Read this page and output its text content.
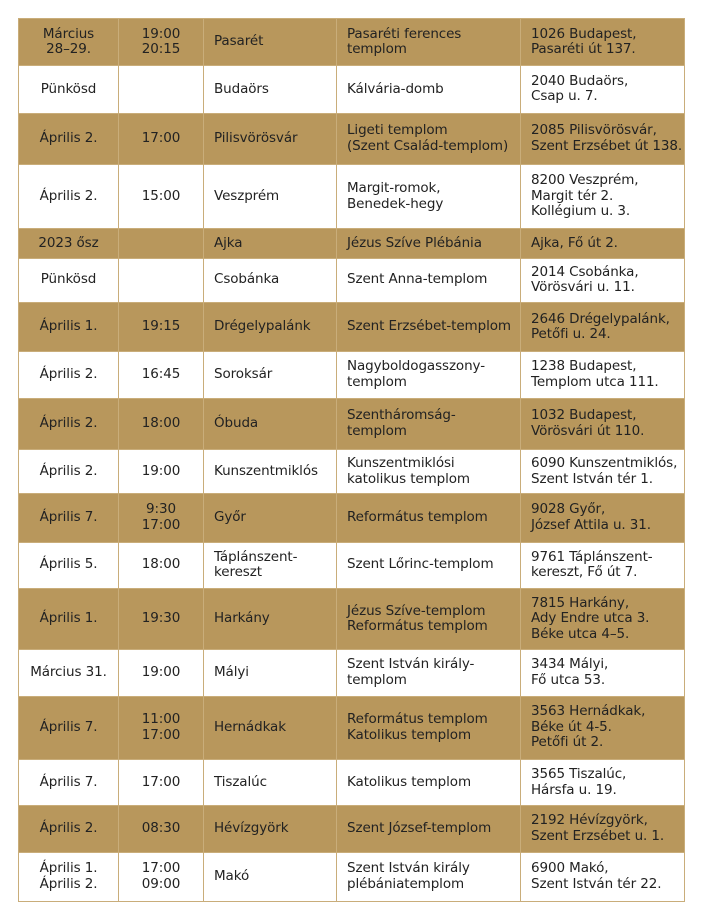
Március
28–29.	19:00
20:15	Pasarét	Pasaréti ferences
templom	1026 Budapest,
Pasaréti út 137.

Pünkösd		Budaörs	Kálvária-domb	2040 Budaörs,
Csap u. 7.

Április 2.	17:00	Pilisvörösvár	Ligeti templom
(Szent Család-templom)	2085 Pilisvörösvár,
Szent Erzsébet út 138.

Április 2.	15:00	Veszprém	Margit-romok,
Benedek-hegy	8200 Veszprém,
Margit tér 2.
Kollégium u. 3.

2023 ősz		Ajka	Jézus Szíve Plébánia	Ajka, Fő út 2.

Pünkösd		Csobánka	Szent Anna-templom	2014 Csobánka,
Vörösvári u. 11.

Április 1.	19:15	Drégelypalánk	Szent Erzsébet-templom	2646 Drégelypalánk,
Petőfi u. 24.

Április 2.	16:45	Soroksár	Nagyboldogasszony-
templom	1238 Budapest,
Templom utca 111.

Április 2.	18:00	Óbuda	Szentháromság-
templom	1032 Budapest,
Vörösvári út 110.

Április 2.	19:00	Kunszentmiklós	Kunszentmiklósi
katolikus templom	6090 Kunszentmiklós,
Szent István tér 1.

Április 7.	9:30
17:00	Győr	Református templom	9028 Győr,
József Attila u. 31.

Április 5.	18:00	Táplánszent-
kereszt	Szent Lőrinc-templom	9761 Táplánszent-
kereszt, Fő út 7.

Április 1.	19:30	Harkány	Jézus Szíve-templom
Református templom	7815 Harkány,
Ady Endre utca 3.
Béke utca 4–5.

Március 31.	19:00	Mályi	Szent István király-
templom	3434 Mályi,
Fő utca 53.

Április 7.	11:00
17:00	Hernádkak	Református templom
Katolikus templom	3563 Hernádkak,
Béke út 4-5.
Petőfi út 2.

Április 7.	17:00	Tiszalúc	Katolikus templom	3565 Tiszalúc,
Hársfa u. 19.

Április 2.	08:30	Hévízgyörk	Szent József-templom	2192 Hévízgyörk,
Szent Erzsébet u. 1.

Április 1.
Április 2.	17:00
09:00	Makó	Szent István király
plébániatemplom	6900 Makó,
Szent István tér 22.
